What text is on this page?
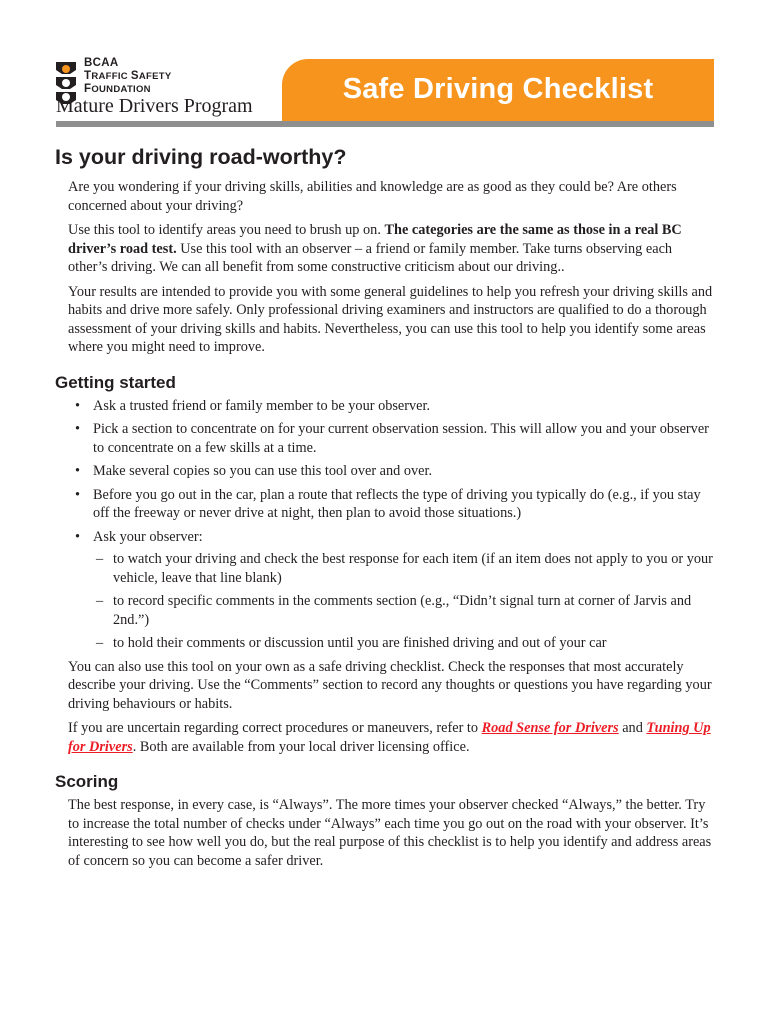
BCAA
TRAFFIC SAFETY
FOUNDATION
Mature Drivers Program
Safe Driving Checklist
Is your driving road-worthy?

Are you wondering if your driving skills, abilities and knowledge are as good as they could be? Are others concerned about your driving?

Use this tool to identify areas you need to brush up on. The categories are the same as those in a real BC driver’s road test. Use this tool with an observer – a friend or family member. Take turns observing each other’s driving. We can all benefit from some constructive criticism about our driving..

Your results are intended to provide you with some general guidelines to help you refresh your driving skills and habits and drive more safely. Only professional driving examiners and instructors are qualified to do a thorough assessment of your driving skills and habits. Nevertheless, you can use this tool to help you identify some areas where you might need to improve.

Getting started
• Ask a trusted friend or family member to be your observer.
• Pick a section to concentrate on for your current observation session. This will allow you and your observer to concentrate on a few skills at a time.
• Make several copies so you can use this tool over and over.
• Before you go out in the car, plan a route that reflects the type of driving you typically do (e.g., if you stay off the freeway or never drive at night, then plan to avoid those situations.)
• Ask your observer:
– to watch your driving and check the best response for each item (if an item does not apply to you or your vehicle, leave that line blank)
– to record specific comments in the comments section (e.g., “Didn’t signal turn at corner of Jarvis and 2nd.”)
– to hold their comments or discussion until you are finished driving and out of your car

You can also use this tool on your own as a safe driving checklist. Check the responses that most accurately describe your driving. Use the “Comments” section to record any thoughts or questions you have regarding your driving behaviours or habits.

If you are uncertain regarding correct procedures or maneuvers, refer to Road Sense for Drivers and Tuning Up for Drivers. Both are available from your local driver licensing office.

Scoring

The best response, in every case, is “Always”. The more times your observer checked “Always,” the better. Try to increase the total number of checks under “Always” each time you go out on the road with your observer. It’s interesting to see how well you do, but the real purpose of this checklist is to help you identify and address areas of concern so you can become a safer driver.
